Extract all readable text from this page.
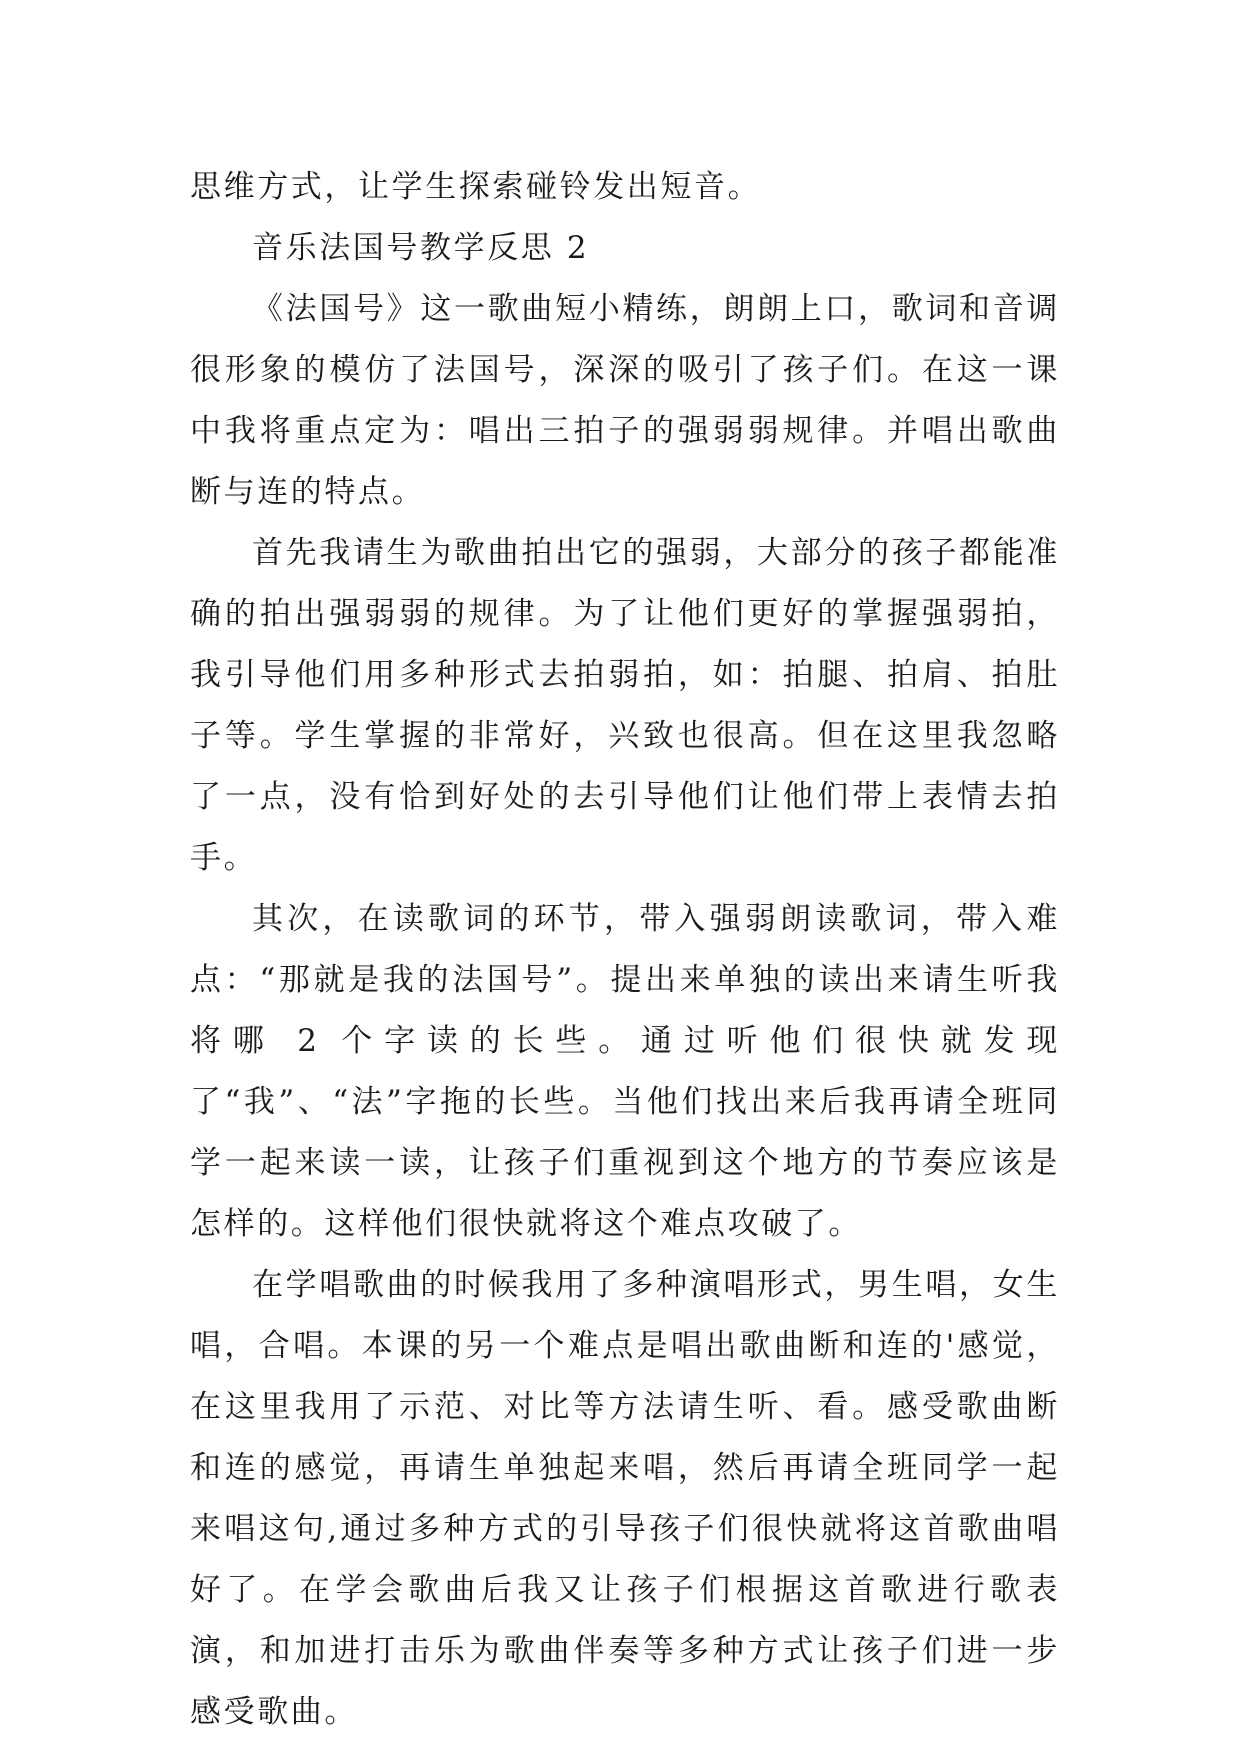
思维方式，让学生探索碰铃发出短音。

音乐法国号教学反思 2

《法国号》这一歌曲短小精练，朗朗上口，歌词和音调很形象的模仿了法国号，深深的吸引了孩子们。在这一课中我将重点定为：唱出三拍子的强弱弱规律。并唱出歌曲断与连的特点。

首先我请生为歌曲拍出它的强弱，大部分的孩子都能准确的拍出强弱弱的规律。为了让他们更好的掌握强弱拍，我引导他们用多种形式去拍弱拍，如：拍腿、拍肩、拍肚子等。学生掌握的非常好，兴致也很高。但在这里我忽略了一点，没有恰到好处的去引导他们让他们带上表情去拍手。

其次，在读歌词的环节，带入强弱朗读歌词，带入难点：“那就是我的法国号”。提出来单独的读出来请生听我将哪 2 个字读的长些。通过听他们很快就发现了“我”、“法”字拖的长些。当他们找出来后我再请全班同学一起来读一读，让孩子们重视到这个地方的节奏应该是怎样的。这样他们很快就将这个难点攻破了。

在学唱歌曲的时候我用了多种演唱形式，男生唱，女生唱，合唱。本课的另一个难点是唱出歌曲断和连的'感觉，在这里我用了示范、对比等方法请生听、看。感受歌曲断和连的感觉，再请生单独起来唱，然后再请全班同学一起来唱这句,通过多种方式的引导孩子们很快就将这首歌曲唱好了。在学会歌曲后我又让孩子们根据这首歌进行歌表演，和加进打击乐为歌曲伴奏等多种方式让孩子们进一步感受歌曲。
